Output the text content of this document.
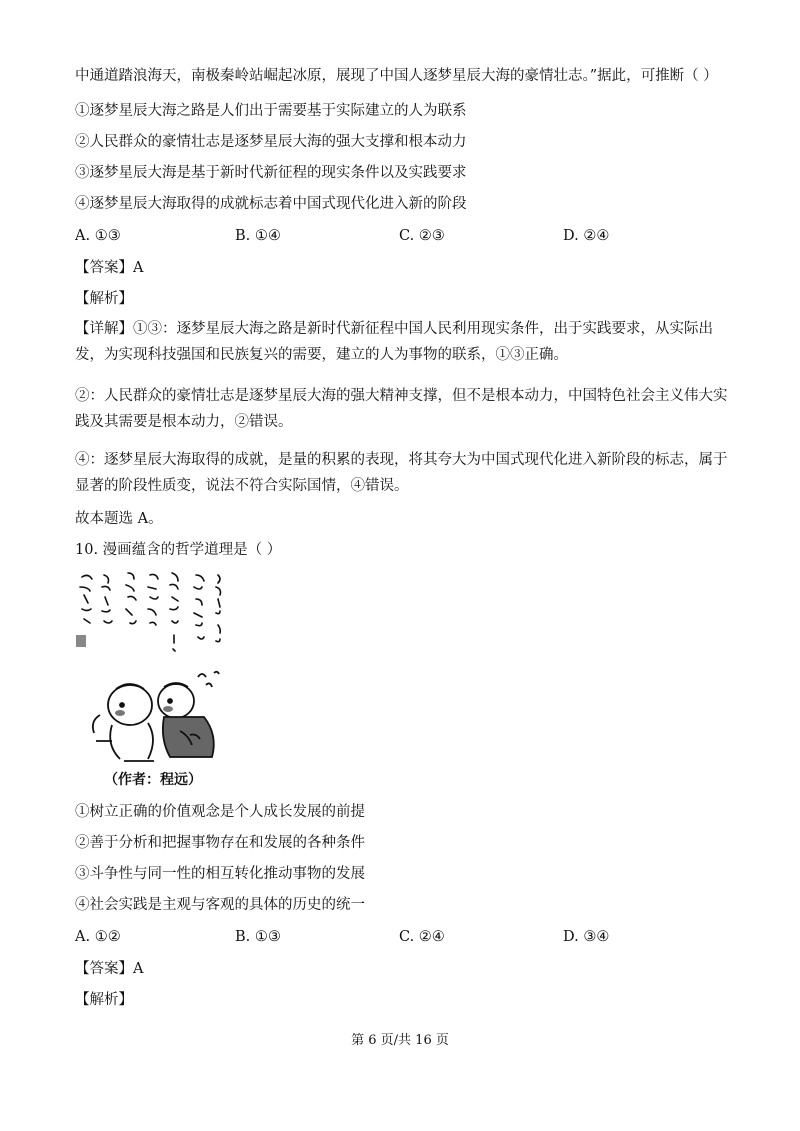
中通道踏浪海天，南极秦岭站崛起冰原，展现了中国人逐梦星辰大海的豪情壮志。”据此，可推断（ ）
①逐梦星辰大海之路是人们出于需要基于实际建立的人为联系
②人民群众的豪情壮志是逐梦星辰大海的强大支撑和根本动力
③逐梦星辰大海是基于新时代新征程的现实条件以及实践要求
④逐梦星辰大海取得的成就标志着中国式现代化进入新的阶段
A. ①③	B. ①④	C. ②③	D. ②④
【答案】A
【解析】
【详解】①③：逐梦星辰大海之路是新时代新征程中国人民利用现实条件，出于实践要求，从实际出发，为实现科技强国和民族复兴的需要，建立的人为事物的联系，①③正确。
②：人民群众的豪情壮志是逐梦星辰大海的强大精神支撑，但不是根本动力，中国特色社会主义伟大实践及其需要是根本动力，②错误。
④：逐梦星辰大海取得的成就，是量的积累的表现，将其夸大为中国式现代化进入新阶段的标志，属于显著的阶段性质变，说法不符合实际国情，④错误。
故本题选 A。
10. 漫画蕴含的哲学道理是（ ）
（作者：程远）
①树立正确的价值观念是个人成长发展的前提
②善于分析和把握事物存在和发展的各种条件
③斗争性与同一性的相互转化推动事物的发展
④社会实践是主观与客观的具体的历史的统一
A. ①②	B. ①③	C. ②④	D. ③④
【答案】A
【解析】
第 6 页/共 16 页
